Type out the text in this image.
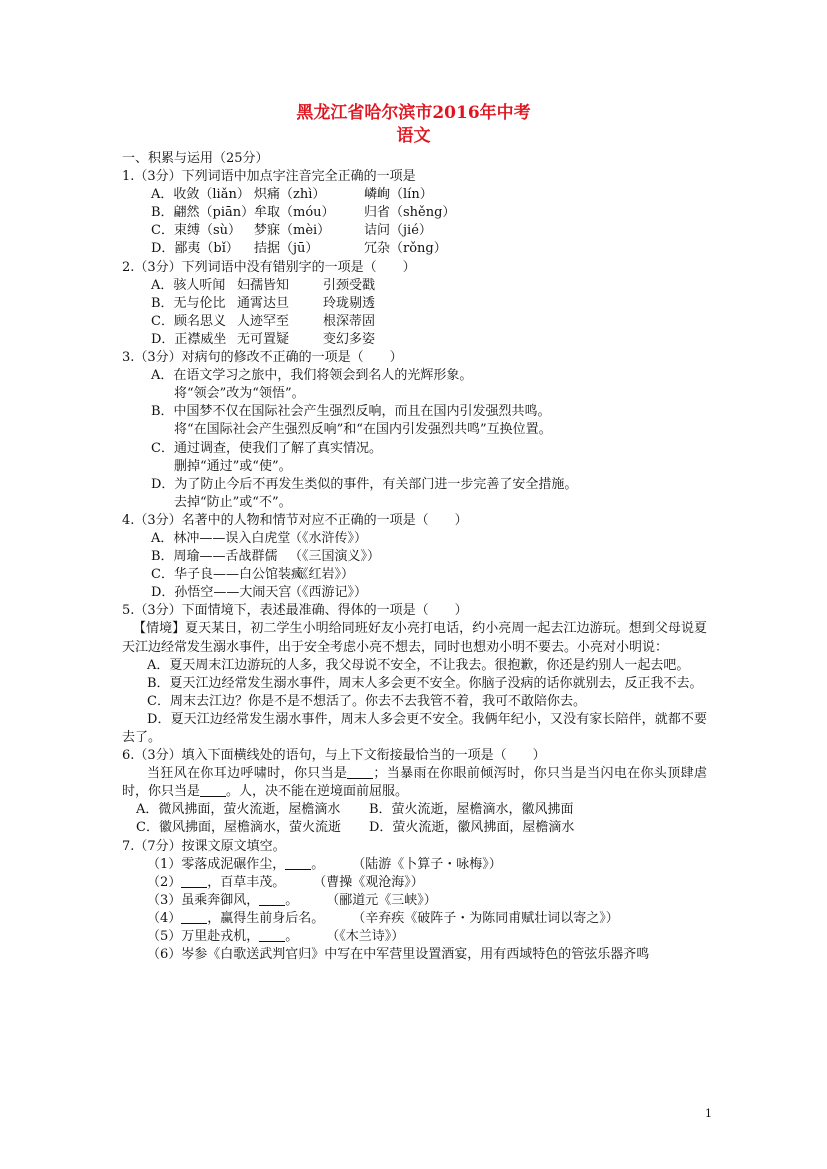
黑龙江省哈尔滨市2016年中考
语文
一、积累与运用（25分）
1.（3分）下列词语中加点字注音完全正确的一项是
A．收敛（liǎn） 炽痛（zhì）	嶙峋（lín）
B．翩然（piān）牟取（móu） 归省（shěng）
C．束缚（sù） 梦寐（mèi）	诘问（jié）
D．鄙夷（bǐ） 拮据（jū）	冗杂（rǒng）
2.（3分）下列词语中没有错别字的一项是（　　）
A．骇人听闻 妇孺皆知	引颈受戳
B．无与伦比 通霄达旦	玲珑剔透
C．顾名思义 人迹罕至	根深蒂固
D．正襟威坐 无可置疑	变幻多姿
3.（3分）对病句的修改不正确的一项是（　　）
A．在语文学习之旅中，我们将领会到名人的光辉形象。
将“领会”改为“领悟”。
B．中国梦不仅在国际社会产生强烈反响，而且在国内引发强烈共鸣。
将“在国际社会产生强烈反响”和“在国内引发强烈共鸣”互换位置。
C．通过调查，使我们了解了真实情况。
删掉“通过”或“使”。
D．为了防止今后不再发生类似的事件，有关部门进一步完善了安全措施。
去掉“防止”或“不”。
4.（3分）名著中的人物和情节对应不正确的一项是（　　）
A．林冲——误入白虎堂（《水浒传》）
B．周瑜——舌战群儒 （《三国演义》）
C．华子良——白公馆装疯（《红岩》）
D．孙悟空——大闹天宫（《西游记》）
5.（3分）下面情境下，表述最准确、得体的一项是（　　）
【情境】夏天某日，初二学生小明给同班好友小亮打电话，约小亮周一起去江边游玩。想到父母说夏天江边经常发生溺水事件，出于安全考虑小亮不想去，同时也想劝小明不要去。小亮对小明说：
A．夏天周末江边游玩的人多，我父母说不安全，不让我去。很抱歉，你还是约别人一起去吧。
B．夏天江边经常发生溺水事件，周末人多会更不安全。你脑子没病的话你就别去，反正我不去。
C．周末去江边？你是不是不想活了。你去不去我管不着，我可不敢陪你去。
D．夏天江边经常发生溺水事件，周末人多会更不安全。我俩年纪小，又没有家长陪伴，就都不要去了。
6.（3分）填入下面横线处的语句，与上下文衔接最恰当的一项是（　　）
当狂风在你耳边呼啸时，你只当是 ；当暴雨在你眼前倾泻时，你只当是当闪电在你头顶肆虐时，你只当是 。人，决不能在逆境面前屈服。
A．微风拂面，萤火流逝，屋檐滴水 B．萤火流逝，屋檐滴水，徽风拂面
C．徽风拂面，屋檐滴水，萤火流逝 D．萤火流逝，徽风拂面，屋檐滴水
7.（7分）按课文原文填空。
（1）零落成泥碾作尘， 。 （陆游《卜算子・咏梅》）
（2） ，百草丰茂。 （曹操《观沧海》）
（3）虽乘奔御风， 。 （郦道元《三峡》）
（4） ，赢得生前身后名。 （辛弃疾《破阵子・为陈同甫赋壮词以寄之》）
（5）万里赴戎机， 。 （《木兰诗》）
（6）岑参《白歌送武判官归》中写在中军营里设置酒宴，用有西域特色的管弦乐器齐鸣
1
